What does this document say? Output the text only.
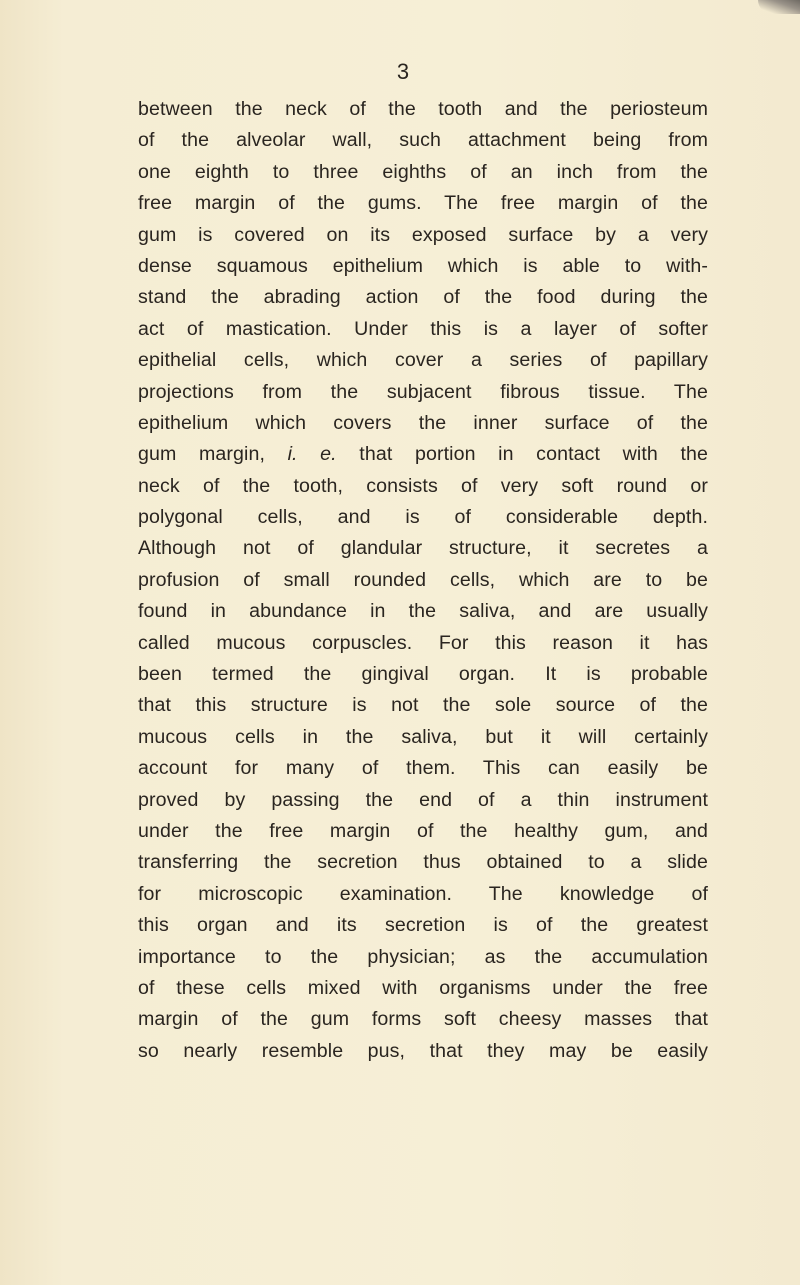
3
between the neck of the tooth and the periosteum
of the alveolar wall, such attachment being from
one eighth to three eighths of an inch from the
free margin of the gums. The free margin of the
gum is covered on its exposed surface by a very
dense squamous epithelium which is able to with-
stand the abrading action of the food during the
act of mastication. Under this is a layer of softer
epithelial cells, which cover a series of papillary
projections from the subjacent fibrous tissue. The
epithelium which covers the inner surface of the
gum margin, i. e. that portion in contact with the
neck of the tooth, consists of very soft round or
polygonal cells, and is of considerable depth.
Although not of glandular structure, it secretes a
profusion of small rounded cells, which are to be
found in abundance in the saliva, and are usually
called mucous corpuscles. For this reason it has
been termed the gingival organ. It is probable
that this structure is not the sole source of the
mucous cells in the saliva, but it will certainly
account for many of them. This can easily be
proved by passing the end of a thin instrument
under the free margin of the healthy gum, and
transferring the secretion thus obtained to a slide
for microscopic examination. The knowledge of
this organ and its secretion is of the greatest
importance to the physician; as the accumulation
of these cells mixed with organisms under the free
margin of the gum forms soft cheesy masses that
so nearly resemble pus, that they may be easily
